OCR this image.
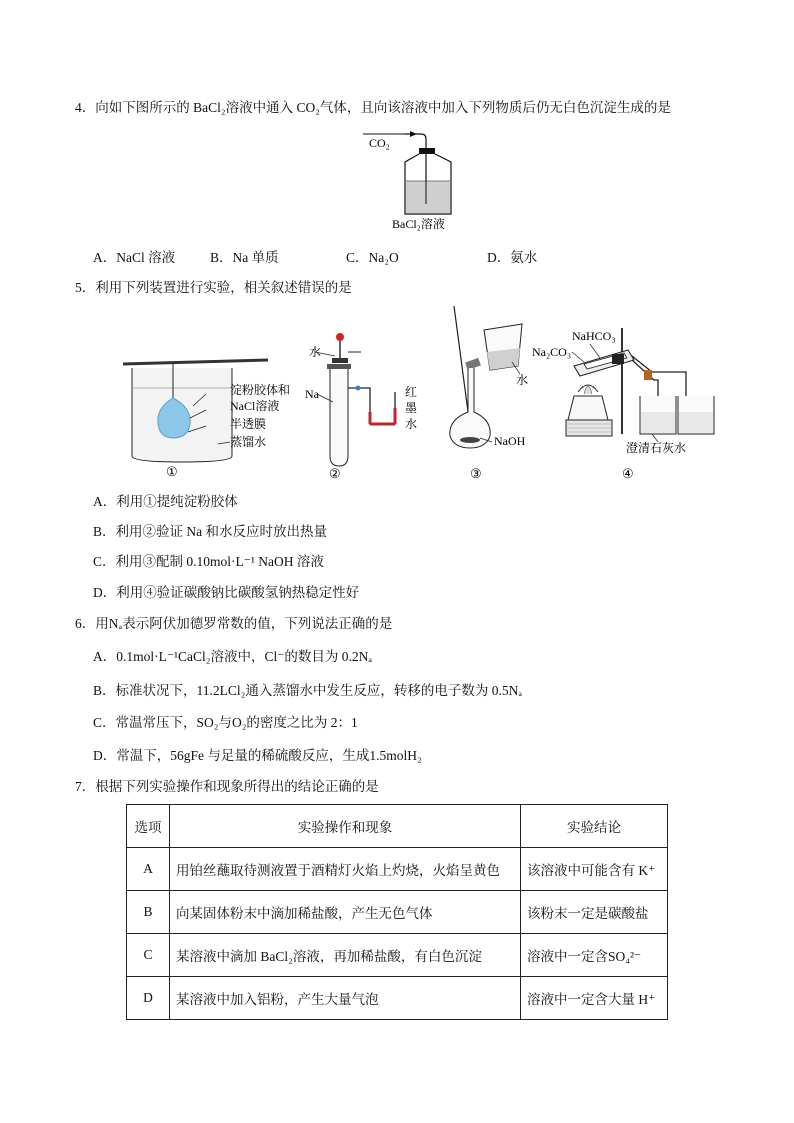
4．向如下图所示的 BaCl₂溶液中通入 CO₂气体，且向该溶液中加入下列物质后仍无白色沉淀生成的是
CO₂
BaCl₂溶液
A．NaCl 溶液	B．Na 单质	C．Na₂O	D．氨水
5．利用下列装置进行实验，相关叙述错误的是
淀粉胶体和
NaCl溶液
半透膜
蒸馏水
①
水
Na	红
墨
水
②
水
NaOH
③
NaHCO₃
Na₂CO₃
澄清石灰水
④
A．利用①提纯淀粉胶体
B．利用②验证 Na 和水反应时放出热量
C．利用③配制 0.10mol·L⁻¹ NaOH 溶液
D．利用④验证碳酸钠比碳酸氢钠热稳定性好
6．用Nₐ表示阿伏加德罗常数的值，下列说法正确的是
A．0.1mol·L⁻¹CaCl₂溶液中，Cl⁻的数目为 0.2Nₐ
B．标准状况下，11.2LCl₂通入蒸馏水中发生反应，转移的电子数为 0.5Nₐ
C．常温常压下，SO₂与O₂的密度之比为 2：1
D．常温下，56gFe 与足量的稀硫酸反应，生成1.5molH₂
7．根据下列实验操作和现象所得出的结论正确的是
选项	实验操作和现象	实验结论
A	用铂丝蘸取待测液置于酒精灯火焰上灼烧，火焰呈黄色	该溶液中可能含有 K⁺
B	向某固体粉末中滴加稀盐酸，产生无色气体	该粉末一定是碳酸盐
C	某溶液中滴加 BaCl₂溶液，再加稀盐酸，有白色沉淀	溶液中一定含SO₄²⁻
D	某溶液中加入铝粉，产生大量气泡	溶液中一定含大量 H⁺
